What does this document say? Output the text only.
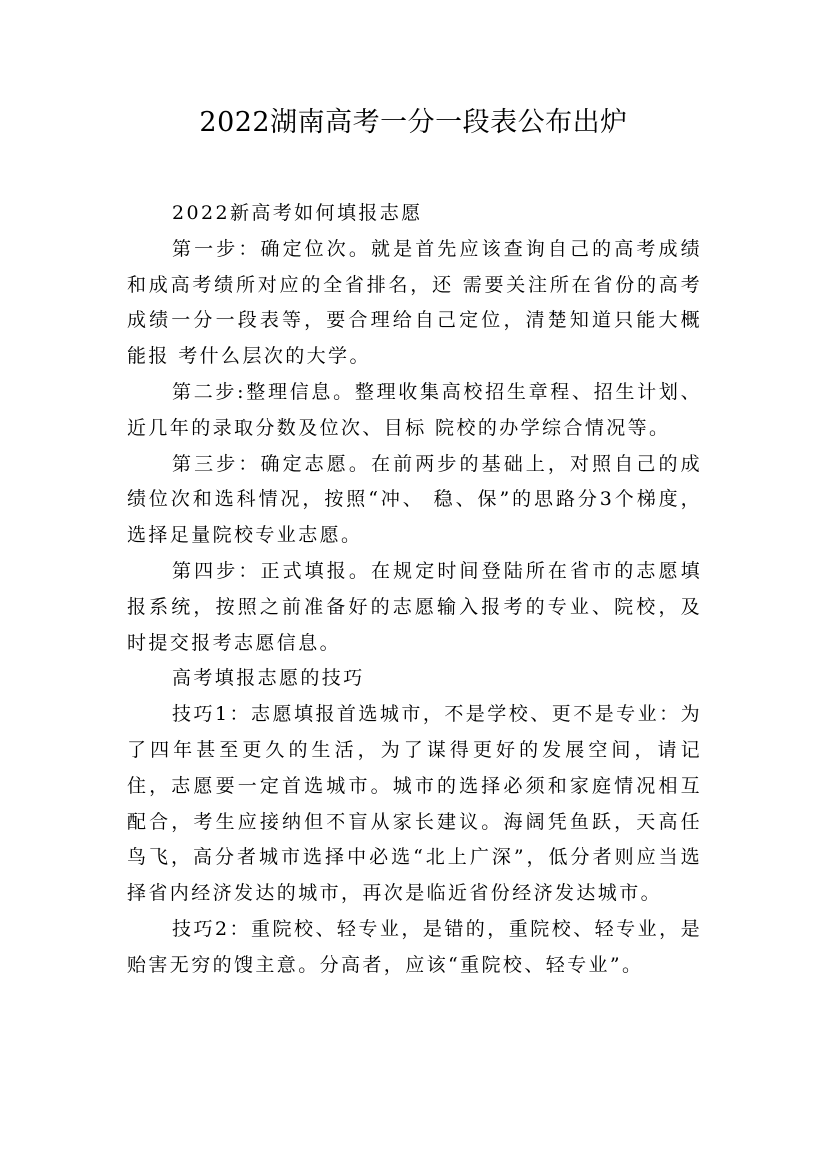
2022湖南高考一分一段表公布出炉

2022新高考如何填报志愿

第一步：确定位次。就是首先应该查询自己的高考成绩和成高考绩所对应的全省排名，还 需要关注所在省份的高考成绩一分一段表等，要合理给自己定位，清楚知道只能大概能报 考什么层次的大学。

第二步:整理信息。整理收集高校招生章程、招生计划、近几年的录取分数及位次、目标 院校的办学综合情况等。

第三步：确定志愿。在前两步的基础上，对照自己的成绩位次和选科情况，按照“冲、 稳、保”的思路分3个梯度，选择足量院校专业志愿。

第四步：正式填报。在规定时间登陆所在省市的志愿填报系统，按照之前准备好的志愿输入报考的专业、院校，及时提交报考志愿信息。

高考填报志愿的技巧

技巧1：志愿填报首选城市，不是学校、更不是专业：为了四年甚至更久的生活，为了谋得更好的发展空间，请记住，志愿要一定首选城市。城市的选择必须和家庭情况相互配合，考生应接纳但不盲从家长建议。海阔凭鱼跃，天高任鸟飞，高分者城市选择中必选“北上广深”，低分者则应当选择省内经济发达的城市，再次是临近省份经济发达城市。

技巧2：重院校、轻专业，是错的，重院校、轻专业，是贻害无穷的馊主意。分高者，应该“重院校、轻专业”。
